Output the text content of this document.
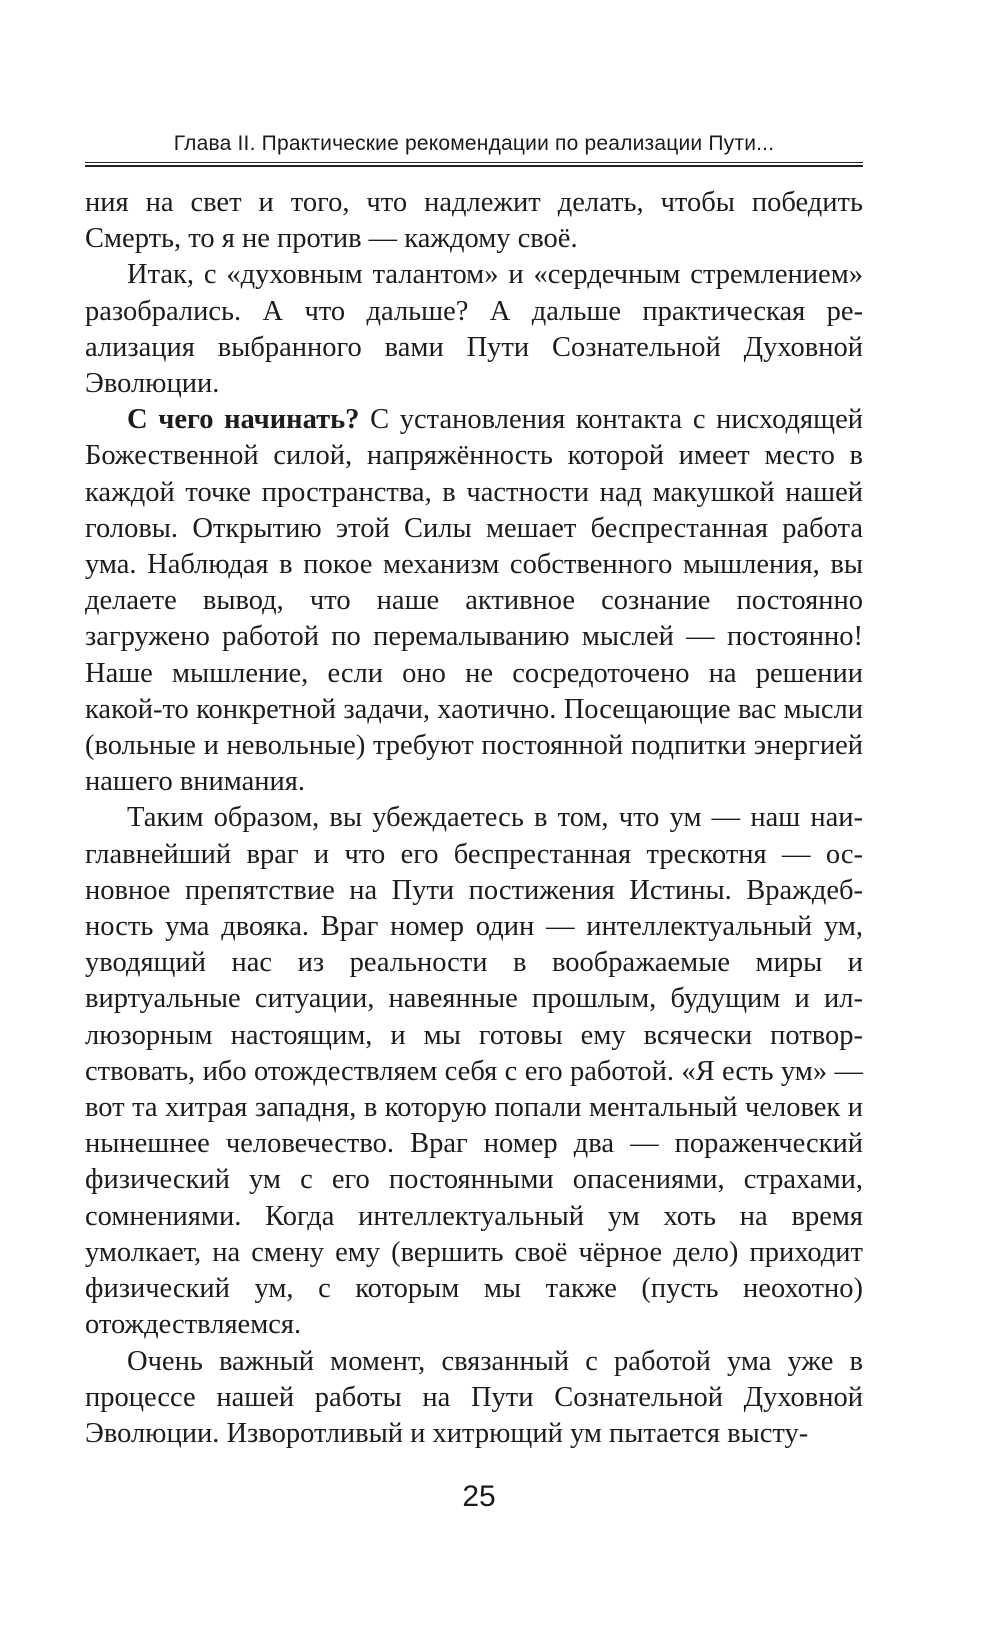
Глава II. Практические рекомендации по реализации Пути...

ния на свет и того, что надлежит делать, чтобы победить Смерть, то я не против — каждому своё.

Итак, с «духовным талантом» и «сердечным стремлением» разобрались. А что дальше? А дальше практическая реализация выбранного вами Пути Сознательной Духовной Эволюции.

С чего начинать? С установления контакта с нисходящей Божественной силой, напряжённость которой имеет место в каждой точке пространства, в частности над макушкой нашей головы. Открытию этой Силы мешает беспрестанная работа ума. Наблюдая в покое механизм собственного мышления, вы делаете вывод, что наше активное сознание постоянно загружено работой по перемалыванию мыслей — постоянно! Наше мышление, если оно не сосредоточено на решении какой-то конкретной задачи, хаотично. Посещающие вас мысли (вольные и невольные) требуют постоянной подпитки энергией нашего внимания.

Таким образом, вы убеждаетесь в том, что ум — наш наиглавнейший враг и что его беспрестанная трескотня — основное препятствие на Пути постижения Истины. Враждебность ума двояка. Враг номер один — интеллектуальный ум, уводящий нас из реальности в воображаемые миры и виртуальные ситуации, навеянные прошлым, будущим и иллюзорным настоящим, и мы готовы ему всячески потворствовать, ибо отождествляем себя с его работой. «Я есть ум» — вот та хитрая западня, в которую попали ментальный человек и нынешнее человечество. Враг номер два — пораженческий физический ум с его постоянными опасениями, страхами, сомнениями. Когда интеллектуальный ум хоть на время умолкает, на смену ему (вершить своё чёрное дело) приходит физический ум, с которым мы также (пусть неохотно) отождествляемся.

Очень важный момент, связанный с работой ума уже в процессе нашей работы на Пути Сознательной Духовной Эволюции. Изворотливый и хитрющий ум пытается высту-

25
